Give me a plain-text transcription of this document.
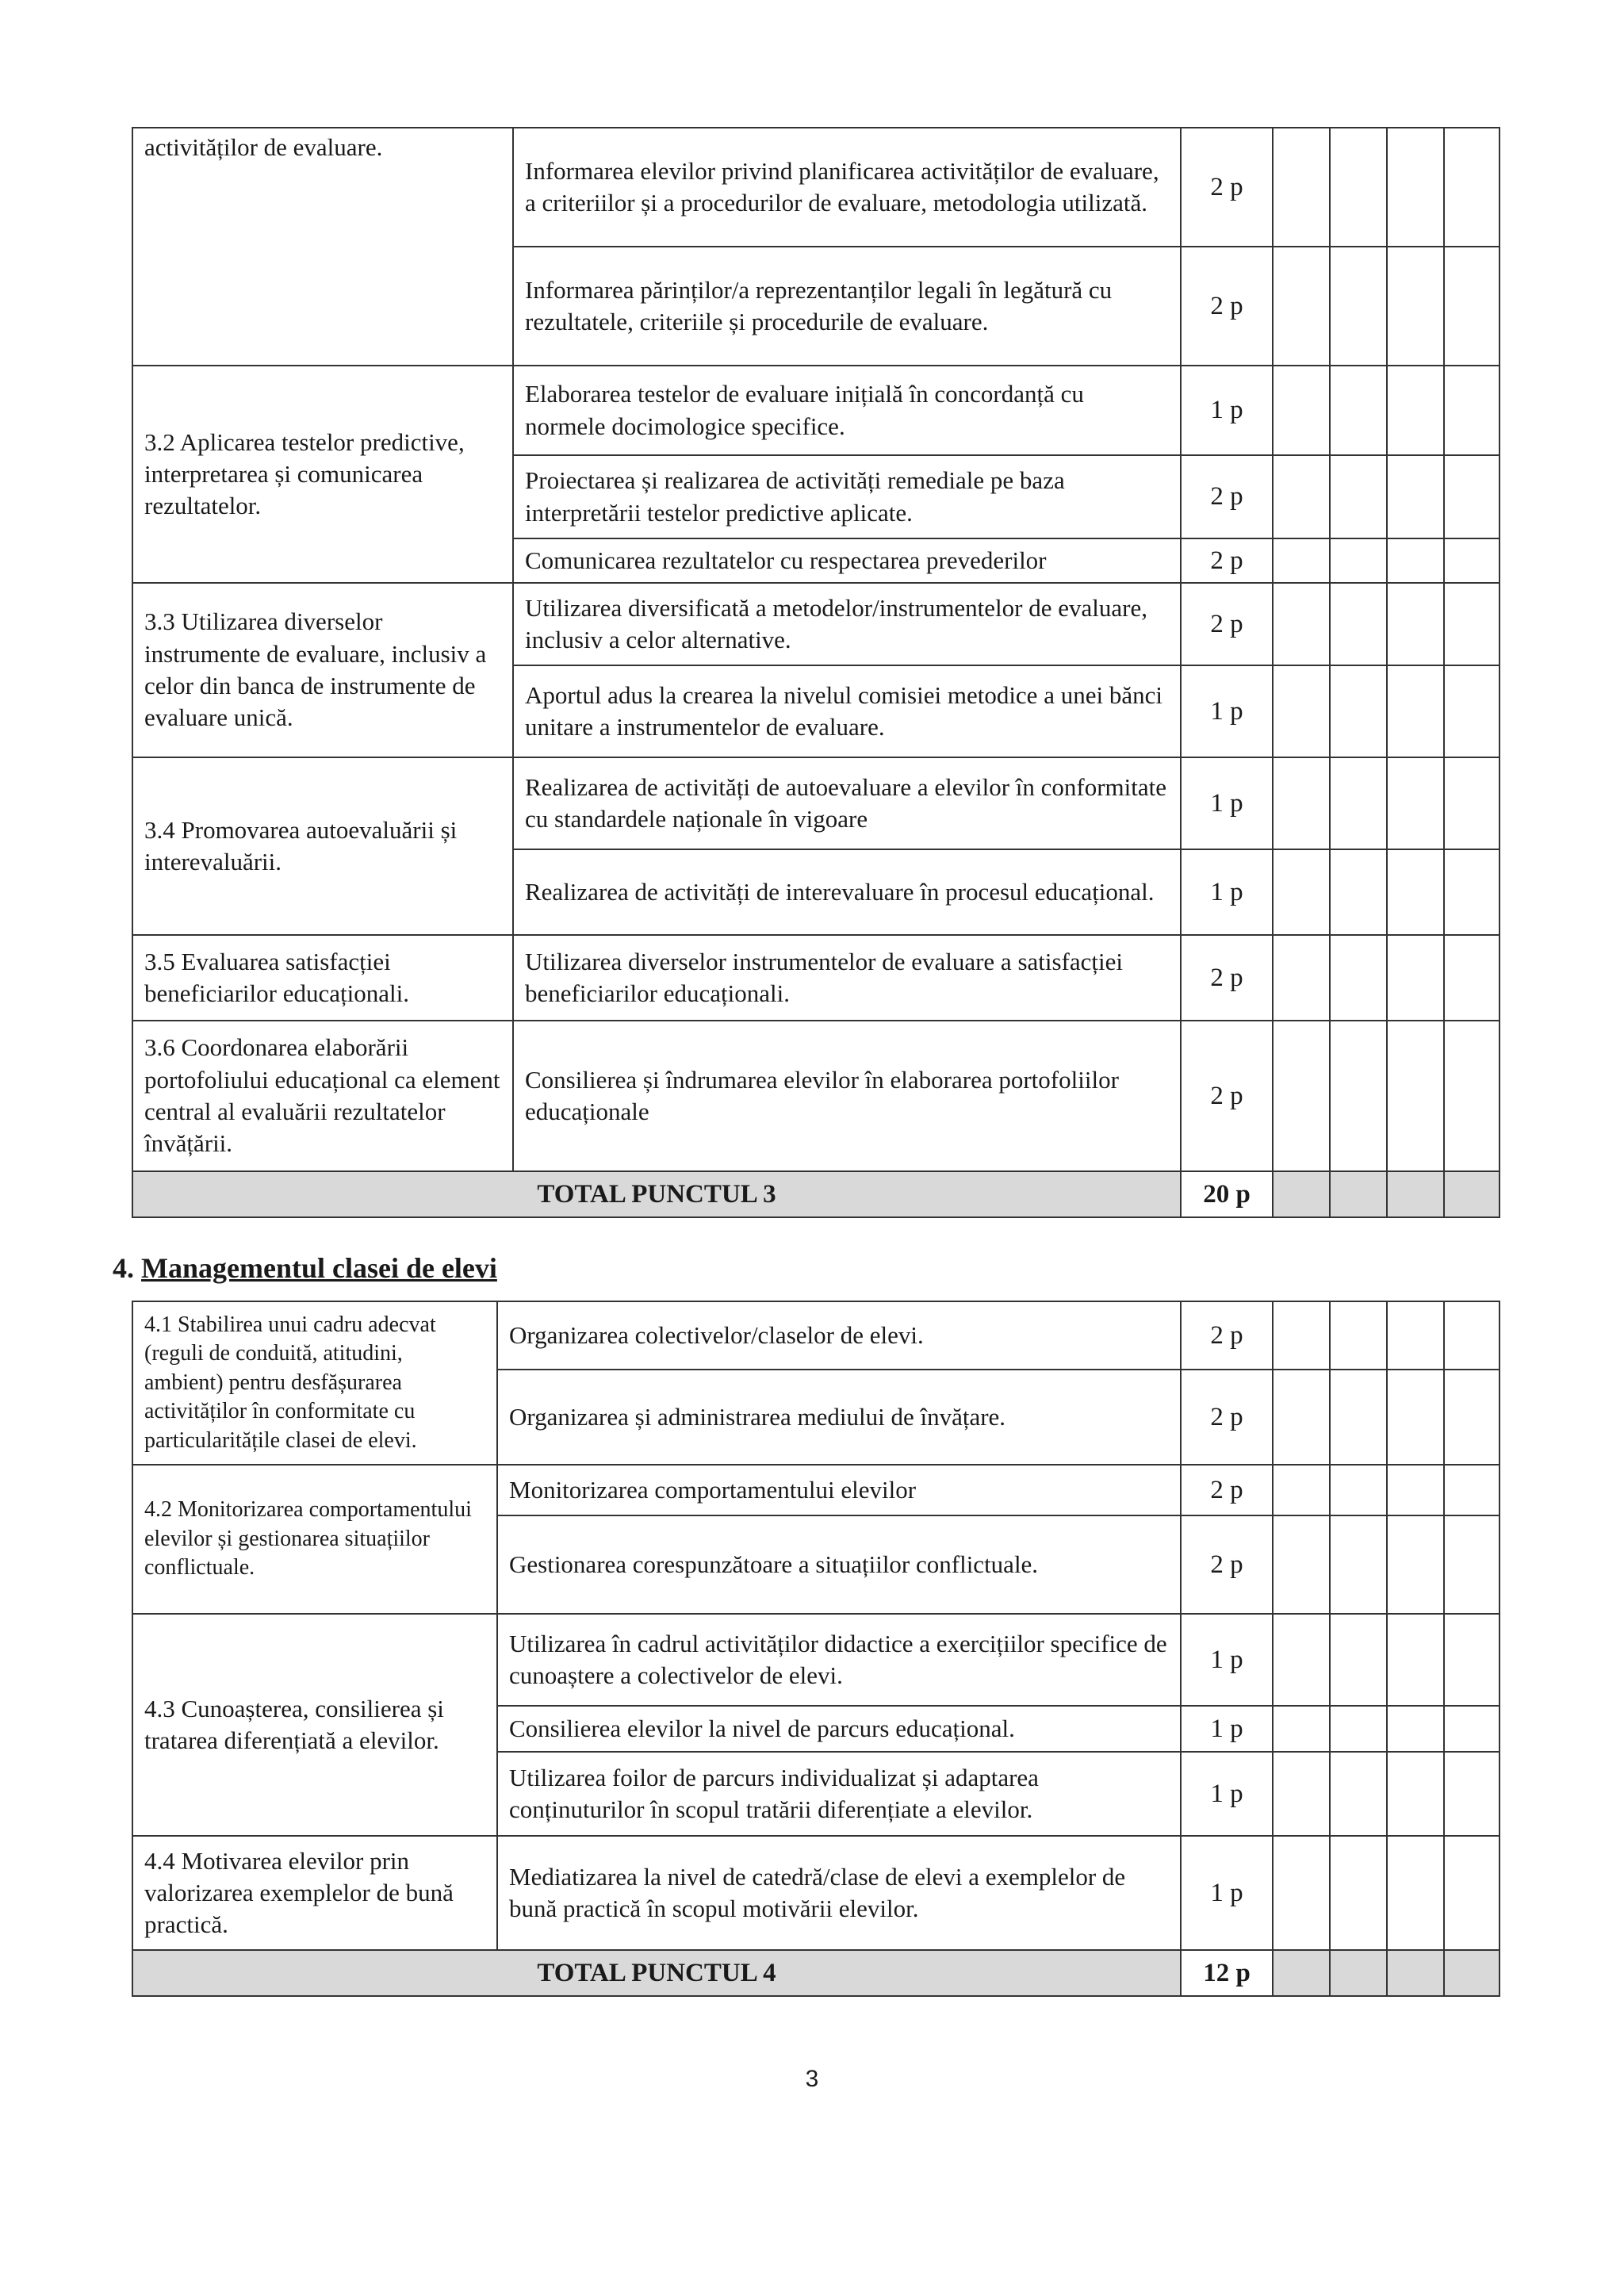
activităților de evaluare.	Informarea elevilor privind planificarea activităților de evaluare, a criteriilor și a procedurilor de evaluare, metodologia utilizată.	2 p				
	Informarea părinților/a reprezentanților legali în legătură cu rezultatele, criteriile și procedurile de evaluare.	2 p				
3.2 Aplicarea testelor predictive, interpretarea și comunicarea rezultatelor.	Elaborarea testelor de evaluare inițială în concordanță cu normele docimologice specifice.	1 p				
	Proiectarea și realizarea de activități remediale pe baza interpretării testelor predictive aplicate.	2 p				
	Comunicarea rezultatelor cu respectarea prevederilor	2 p				
3.3 Utilizarea diverselor instrumente de evaluare, inclusiv a celor din banca de instrumente de evaluare unică.	Utilizarea diversificată a metodelor/instrumentelor de evaluare, inclusiv a celor alternative.	2 p				
	Aportul adus la crearea la nivelul comisiei metodice a unei bănci unitare a instrumentelor de evaluare.	1 p				
3.4 Promovarea autoevaluării și interevaluării.	Realizarea de activități de autoevaluare a elevilor în conformitate cu standardele naționale în vigoare	1 p				
	Realizarea de activități de interevaluare în procesul educațional.	1 p				
3.5 Evaluarea satisfacției beneficiarilor educaționali.	Utilizarea diverselor instrumentelor de evaluare a satisfacției beneficiarilor educaționali.	2 p				
3.6 Coordonarea elaborării portofoliului educațional ca element central al evaluării rezultatelor învățării.	Consilierea și îndrumarea elevilor în elaborarea portofoliilor educaționale	2 p				
TOTAL PUNCTUL 3		20 p				
4. Managementul clasei de elevi
4.1 Stabilirea unui cadru adecvat (reguli de conduită, atitudini, ambient) pentru desfășurarea activităților în conformitate cu particularitățile clasei de elevi.	Organizarea colectivelor/claselor de elevi.	2 p				
	Organizarea și administrarea mediului de învățare.	2 p				
4.2 Monitorizarea comportamentului elevilor și gestionarea situațiilor conflictuale.	Monitorizarea comportamentului elevilor	2 p				
	Gestionarea corespunzătoare a situațiilor conflictuale.	2 p				
4.3 Cunoașterea, consilierea și tratarea diferențiată a elevilor.	Utilizarea în cadrul activităților didactice a exercițiilor specifice de cunoaștere a colectivelor de elevi.	1 p				
	Consilierea elevilor la nivel de parcurs educațional.	1 p				
	Utilizarea foilor de parcurs individualizat și adaptarea conținuturilor în scopul tratării diferențiate a elevilor.	1 p				
4.4 Motivarea elevilor prin valorizarea exemplelor de bună practică.	Mediatizarea la nivel de catedră/clase de elevi a exemplelor de bună practică în scopul motivării elevilor.	1 p				
TOTAL PUNCTUL 4		12 p				
3
